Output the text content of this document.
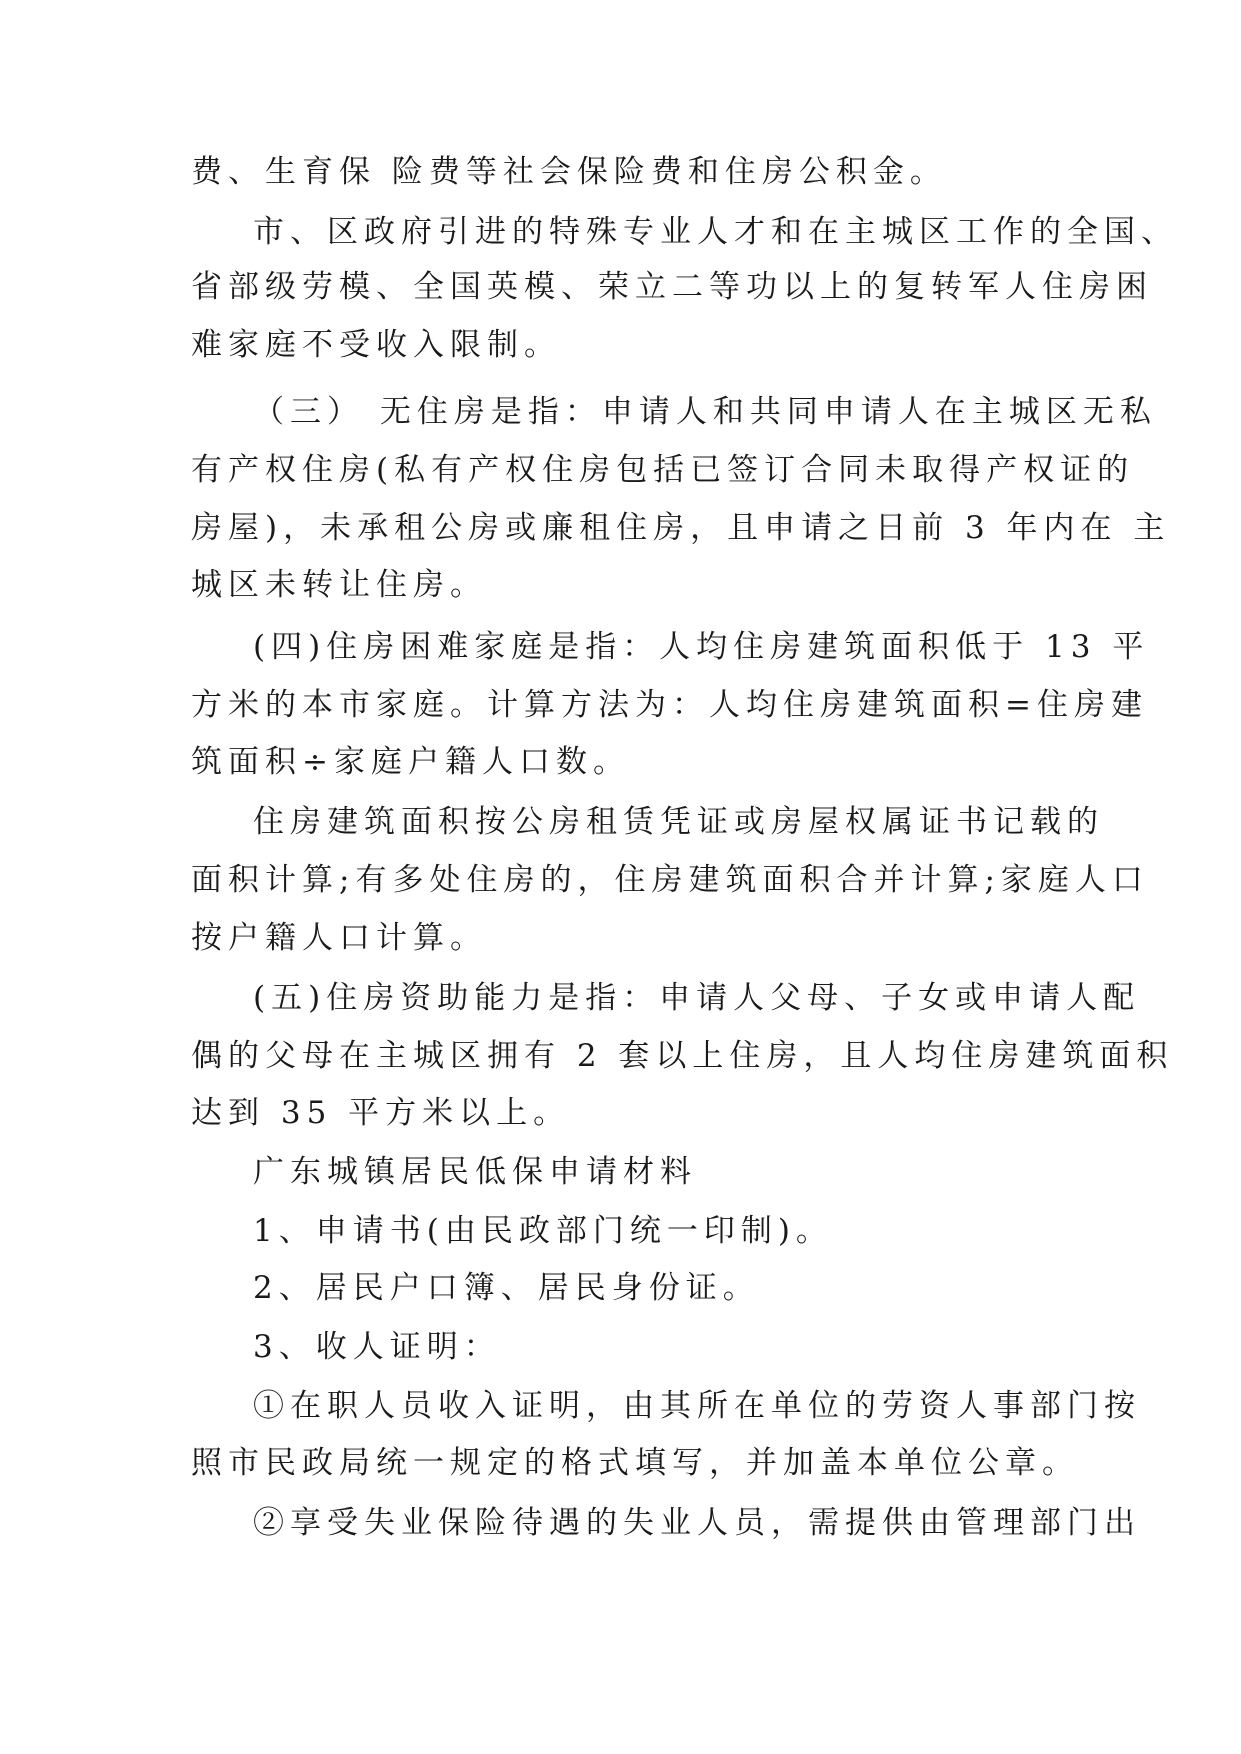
费、生育保 险费等社会保险费和住房公积金。
市、区政府引进的特殊专业人才和在主城区工作的全国、
省部级劳模、全国英模、荣立二等功以上的复转军人住房困
难家庭不受收入限制。
（三） 无住房是指：申请人和共同申请人在主城区无私
有产权住房(私有产权住房包括已签订合同未取得产权证的
房屋)，未承租公房或廉租住房，且申请之日前 3 年内在 主
城区未转让住房。
(四)住房困难家庭是指：人均住房建筑面积低于 13 平
方米的本市家庭。计算方法为：人均住房建筑面积=住房建
筑面积÷家庭户籍人口数。
住房建筑面积按公房租赁凭证或房屋权属证书记载的
面积计算;有多处住房的，住房建筑面积合并计算;家庭人口
按户籍人口计算。
(五)住房资助能力是指：申请人父母、子女或申请人配
偶的父母在主城区拥有 2 套以上住房，且人均住房建筑面积
达到 35 平方米以上。
广东城镇居民低保申请材料
1、申请书(由民政部门统一印制)。
2、居民户口簿、居民身份证。
3、收人证明：
①在职人员收入证明，由其所在单位的劳资人事部门按
照市民政局统一规定的格式填写，并加盖本单位公章。
②享受失业保险待遇的失业人员，需提供由管理部门出
